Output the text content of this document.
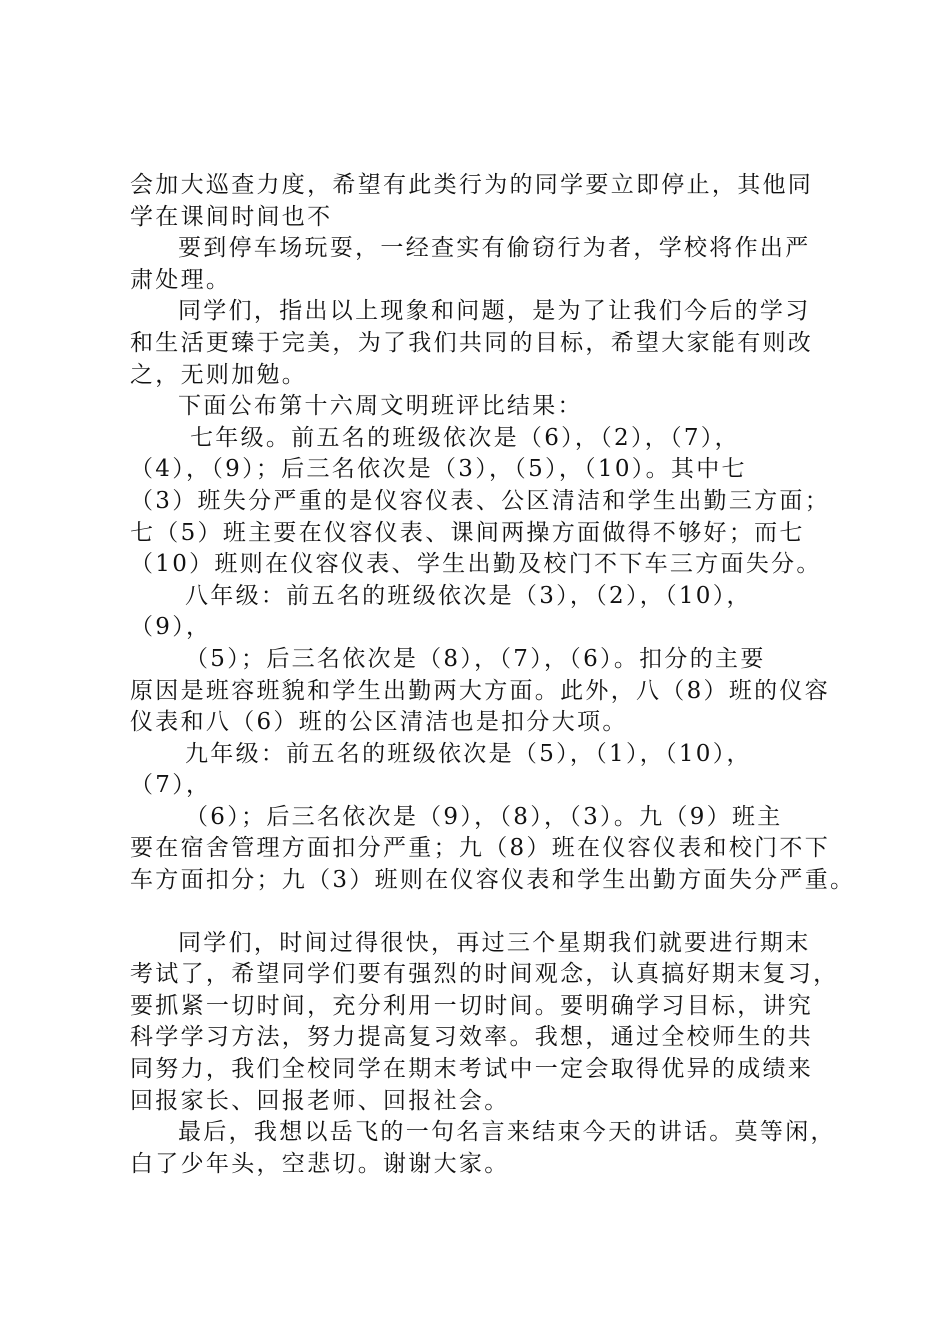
会加大巡查力度，希望有此类行为的同学要立即停止，其他同

学在课间时间也不

要到停车场玩耍，一经查实有偷窃行为者，学校将作出严

肃处理。

同学们，指出以上现象和问题，是为了让我们今后的学习

和生活更臻于完美，为了我们共同的目标，希望大家能有则改

之，无则加勉。

下面公布第十六周文明班评比结果：

七年级。前五名的班级依次是（6），（2），（7），

（4），（9）；后三名依次是（3），（5），（10）。其中七

（3）班失分严重的是仪容仪表、公区清洁和学生出勤三方面；

七（5）班主要在仪容仪表、课间两操方面做得不够好；而七

（10）班则在仪容仪表、学生出勤及校门不下车三方面失分。

八年级：前五名的班级依次是（3），（2），（10），

（9），

（5）；后三名依次是（8），（7），（6）。扣分的主要

原因是班容班貌和学生出勤两大方面。此外，八（8）班的仪容

仪表和八（6）班的公区清洁也是扣分大项。

九年级：前五名的班级依次是（5），（1），（10），

（7），

（6）；后三名依次是（9），（8），（3）。九（9）班主

要在宿舍管理方面扣分严重；九（8）班在仪容仪表和校门不下

车方面扣分；九（3）班则在仪容仪表和学生出勤方面失分严重。

同学们，时间过得很快，再过三个星期我们就要进行期末

考试了，希望同学们要有强烈的时间观念，认真搞好期末复习，

要抓紧一切时间，充分利用一切时间。要明确学习目标，讲究

科学学习方法，努力提高复习效率。我想，通过全校师生的共

同努力，我们全校同学在期末考试中一定会取得优异的成绩来

回报家长、回报老师、回报社会。

最后，我想以岳飞的一句名言来结束今天的讲话。莫等闲，

白了少年头，空悲切。谢谢大家。
